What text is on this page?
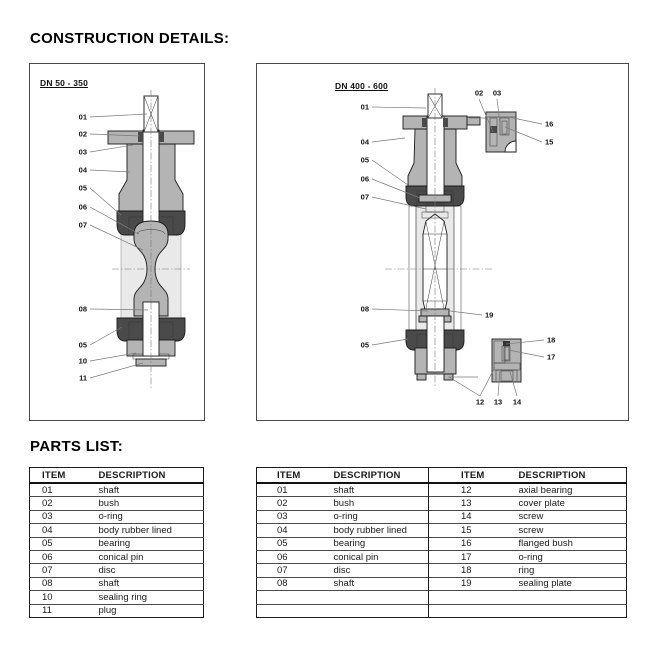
CONSTRUCTION DETAILS:
01
02
03
04
05
06
07
08
05
10
11
DN 50 - 350
01
04
05
06
07
08
05
19
02 03
16
15
18
17
12 13 14
DN 400 - 600
PARTS LIST:
ITEM	DESCRIPTION
01	shaft
02	bush
03	o-ring
04	body rubber lined
05	bearing
06	conical pin
07	disc
08	shaft
10	sealing ring
11	plug
ITEM	DESCRIPTION	ITEM	DESCRIPTION
01	shaft	12	axial bearing
02	bush	13	cover plate
03	o-ring	14	screw
04	body rubber lined	15	screw
05	bearing	16	flanged bush
06	conical pin	17	o-ring
07	disc	18	ring
08	shaft	19	sealing plate
